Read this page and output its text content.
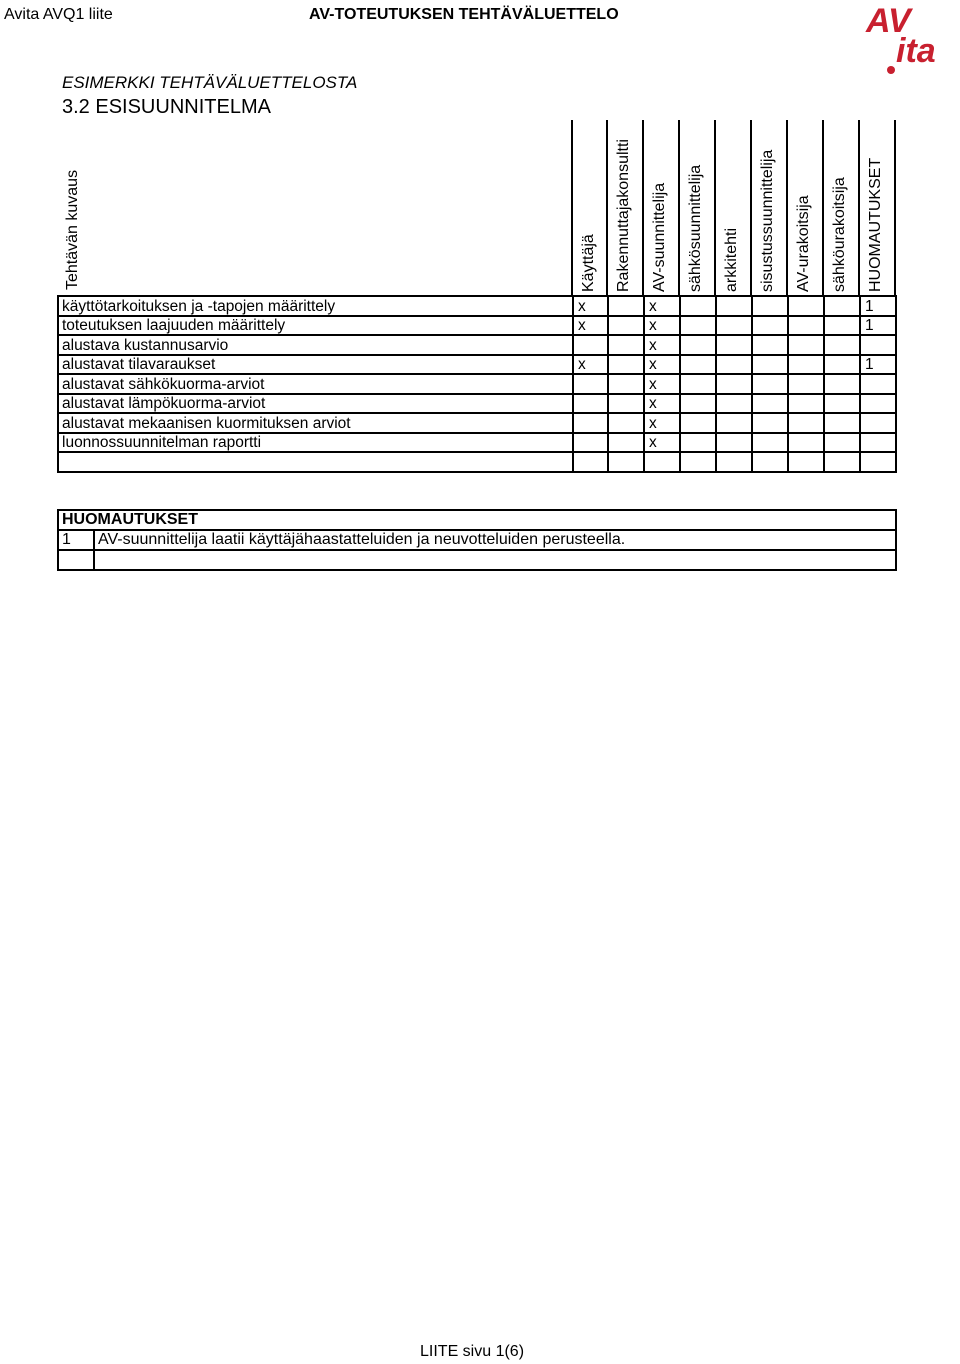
Avita AVQ1 liite	AV-TOTEUTUKSEN TEHTÄVÄLUETTELO	AV
ita
ESIMERKKI TEHTÄVÄLUETTELOSTA
3.2 ESISUUNNITELMA
Tehtävän kuvaus	Käyttäjä Rakennuttajakonsultti AV-suunnittelija sähkösuunnittelija arkkitehti sisustussuunnittelija AV-urakoitsija sähköurakoitsija HUOMAUTUKSET
käyttötarkoituksen ja -tapojen määrittely	x		x						1
toteutuksen laajuuden määrittely	x		x						1
alustava kustannusarvio			x						
alustavat tilavaraukset	x		x						1
alustavat sähkökuorma-arviot			x						
alustavat lämpökuorma-arviot			x						
alustavat mekaanisen kuormituksen arviot			x						
luonnossuunnitelman raportti			x						

HUOMAUTUKSET	
1	AV-suunnittelija laatii käyttäjähaastatteluiden ja neuvotteluiden perusteella.

LIITE sivu 1(6)
